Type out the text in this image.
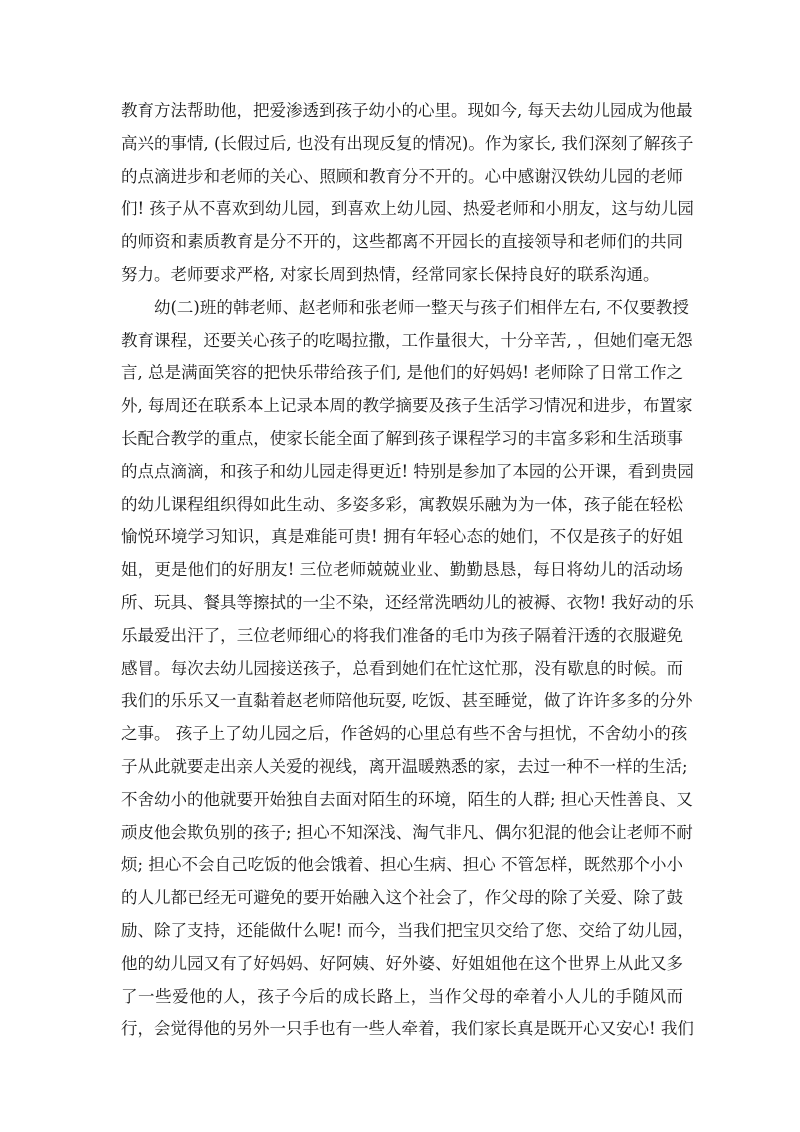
教育方法帮助他，把爱渗透到孩子幼小的心里。现如今, 每天去幼儿园成为他最
高兴的事情, (长假过后, 也没有出现反复的情况)。作为家长, 我们深刻了解孩子
的点滴进步和老师的关心、照顾和教育分不开的。心中感谢汉铁幼儿园的老师
们! 孩子从不喜欢到幼儿园，到喜欢上幼儿园、热爱老师和小朋友，这与幼儿园
的师资和素质教育是分不开的，这些都离不开园长的直接领导和老师们的共同
努力。老师要求严格, 对家长周到热情，经常同家长保持良好的联系沟通。
幼(二)班的韩老师、赵老师和张老师一整天与孩子们相伴左右, 不仅要教授
教育课程，还要关心孩子的吃喝拉撒，工作量很大，十分辛苦, ，但她们毫无怨
言, 总是满面笑容的把快乐带给孩子们, 是他们的好妈妈! 老师除了日常工作之
外, 每周还在联系本上记录本周的教学摘要及孩子生活学习情况和进步，布置家
长配合教学的重点，使家长能全面了解到孩子课程学习的丰富多彩和生活琐事
的点点滴滴，和孩子和幼儿园走得更近! 特别是参加了本园的公开课，看到贵园
的幼儿课程组织得如此生动、多姿多彩，寓教娱乐融为为一体，孩子能在轻松
愉悦环境学习知识，真是难能可贵! 拥有年轻心态的她们，不仅是孩子的好姐
姐，更是他们的好朋友! 三位老师兢兢业业、勤勤恳恳，每日将幼儿的活动场
所、玩具、餐具等擦拭的一尘不染，还经常洗晒幼儿的被褥、衣物! 我好动的乐
乐最爱出汗了，三位老师细心的将我们准备的毛巾为孩子隔着汗透的衣服避免
感冒。每次去幼儿园接送孩子，总看到她们在忙这忙那，没有歇息的时候。而
我们的乐乐又一直黏着赵老师陪他玩耍, 吃饭、甚至睡觉，做了许许多多的分外
之事。 孩子上了幼儿园之后，作爸妈的心里总有些不舍与担忧，不舍幼小的孩
子从此就要走出亲人关爱的视线，离开温暖熟悉的家，去过一种不一样的生活;
不舍幼小的他就要开始独自去面对陌生的环境，陌生的人群; 担心天性善良、又
顽皮他会欺负别的孩子; 担心不知深浅、淘气非凡、偶尔犯混的他会让老师不耐
烦; 担心不会自己吃饭的他会饿着、担心生病、担心 不管怎样，既然那个小小
的人儿都已经无可避免的要开始融入这个社会了，作父母的除了关爱、除了鼓
励、除了支持，还能做什么呢! 而今，当我们把宝贝交给了您、交给了幼儿园，
他的幼儿园又有了好妈妈、好阿姨、好外婆、好姐姐他在这个世界上从此又多
了一些爱他的人，孩子今后的成长路上，当作父母的牵着小人儿的手随风而
行，会觉得他的另外一只手也有一些人牵着，我们家长真是既开心又安心! 我们
